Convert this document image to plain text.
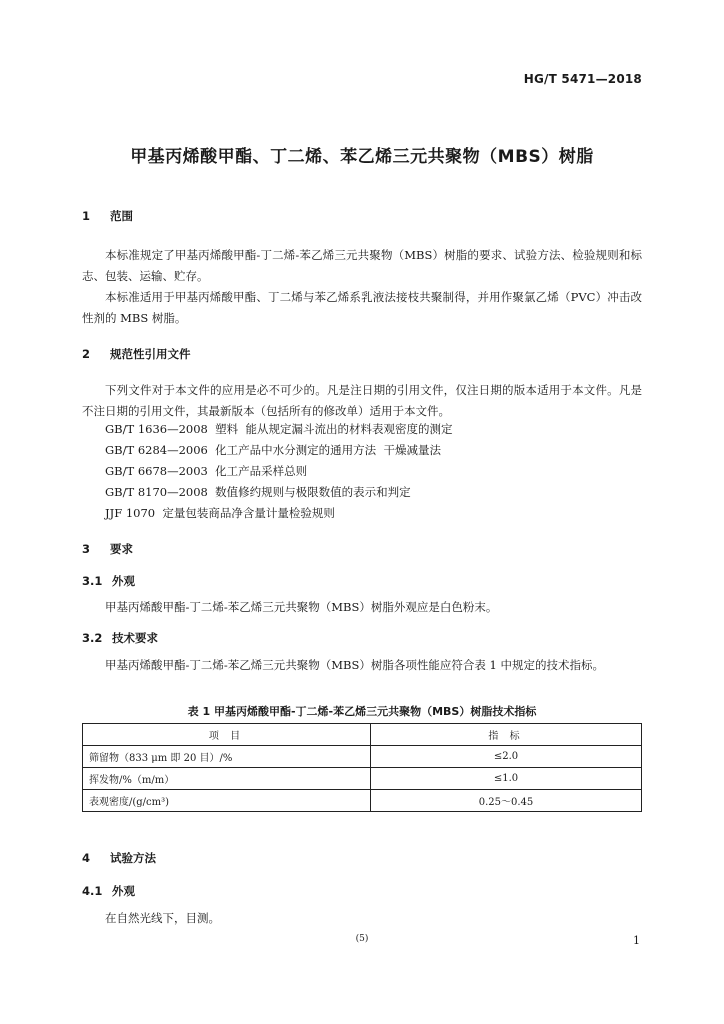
HG/T 5471—2018
甲基丙烯酸甲酯、丁二烯、苯乙烯三元共聚物（MBS）树脂
1 范围
本标准规定了甲基丙烯酸甲酯-丁二烯-苯乙烯三元共聚物（MBS）树脂的要求、试验方法、检验规则和标志、包装、运输、贮存。
本标准适用于甲基丙烯酸甲酯、丁二烯与苯乙烯系乳液法接枝共聚制得，并用作聚氯乙烯（PVC）冲击改性剂的 MBS 树脂。
2 规范性引用文件
下列文件对于本文件的应用是必不可少的。凡是注日期的引用文件，仅注日期的版本适用于本文件。凡是不注日期的引用文件，其最新版本（包括所有的修改单）适用于本文件。
GB/T 1636—2008  塑料  能从规定漏斗流出的材料表观密度的测定
GB/T 6284—2006  化工产品中水分测定的通用方法  干燥减量法
GB/T 6678—2003  化工产品采样总则
GB/T 8170—2008  数值修约规则与极限数值的表示和判定
JJF 1070  定量包装商品净含量计量检验规则
3 要求
3.1 外观
甲基丙烯酸甲酯-丁二烯-苯乙烯三元共聚物（MBS）树脂外观应是白色粉末。
3.2 技术要求
甲基丙烯酸甲酯-丁二烯-苯乙烯三元共聚物（MBS）树脂各项性能应符合表 1 中规定的技术指标。
表 1 甲基丙烯酸甲酯-丁二烯-苯乙烯三元共聚物（MBS）树脂技术指标
项 目	指 标
筛留物（833 μm 即 20 目）/%	≤2.0
挥发物/%（m/m）	≤1.0
表观密度/(g/cm³)	0.25～0.45
4 试验方法
4.1 外观
在自然光线下，目测。
(5)	1
